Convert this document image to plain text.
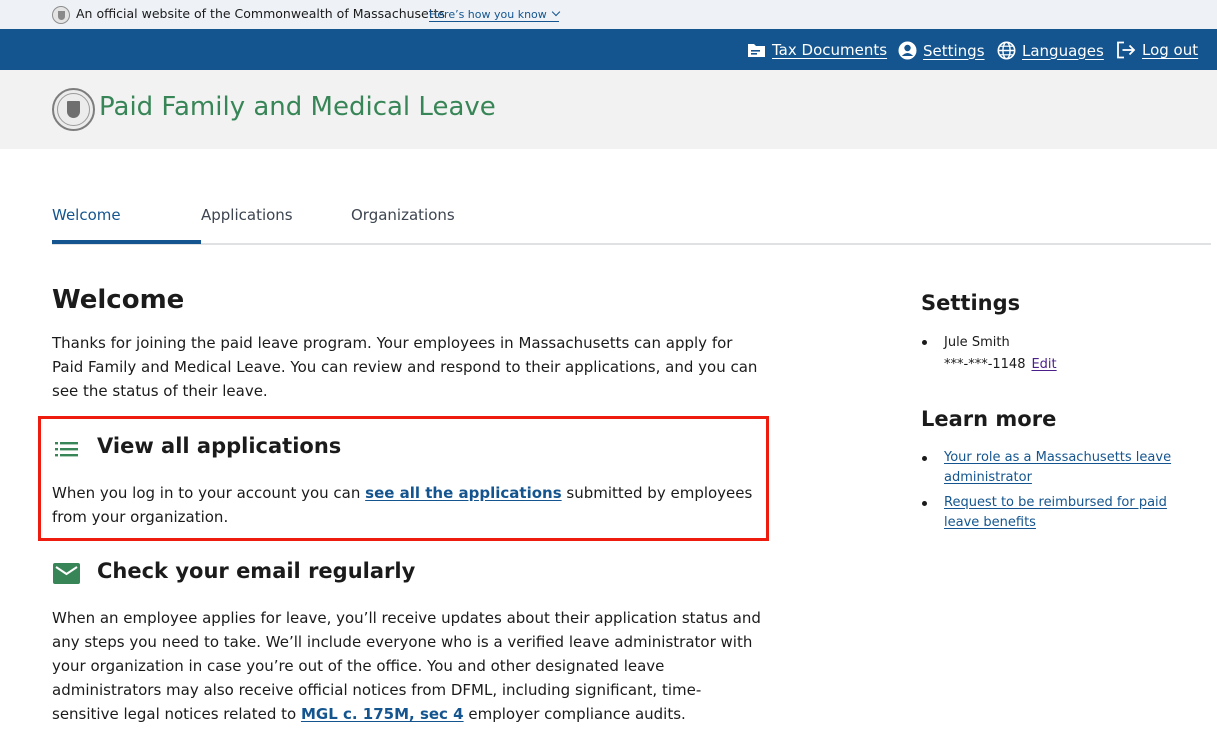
An official website of the Commonwealth of Massachusetts
Here’s how you know
Tax Documents Settings Languages	Log out
Paid Family and Medical Leave
Welcome	Applications	Organizations
Welcome

Thanks for joining the paid leave program. Your employees in Massachusetts can apply for Paid Family and Medical Leave. You can review and respond to their applications, and you can see the status of their leave.

View all applications

When you log in to your account you can see all the applications submitted by employees from your organization.

Check your email regularly

When an employee applies for leave, you’ll receive updates about their application status and any steps you need to take. We’ll include everyone who is a verified leave administrator with your organization in case you’re out of the office. You and other designated leave administrators may also receive official notices from DFML, including significant, time-sensitive legal notices related to MGL c. 175M, sec 4 employer compliance audits.

Settings
Jule Smith
***-***-1148 Edit
Learn more
Your role as a Massachusetts leave administrator
Request to be reimbursed for paid leave benefits
